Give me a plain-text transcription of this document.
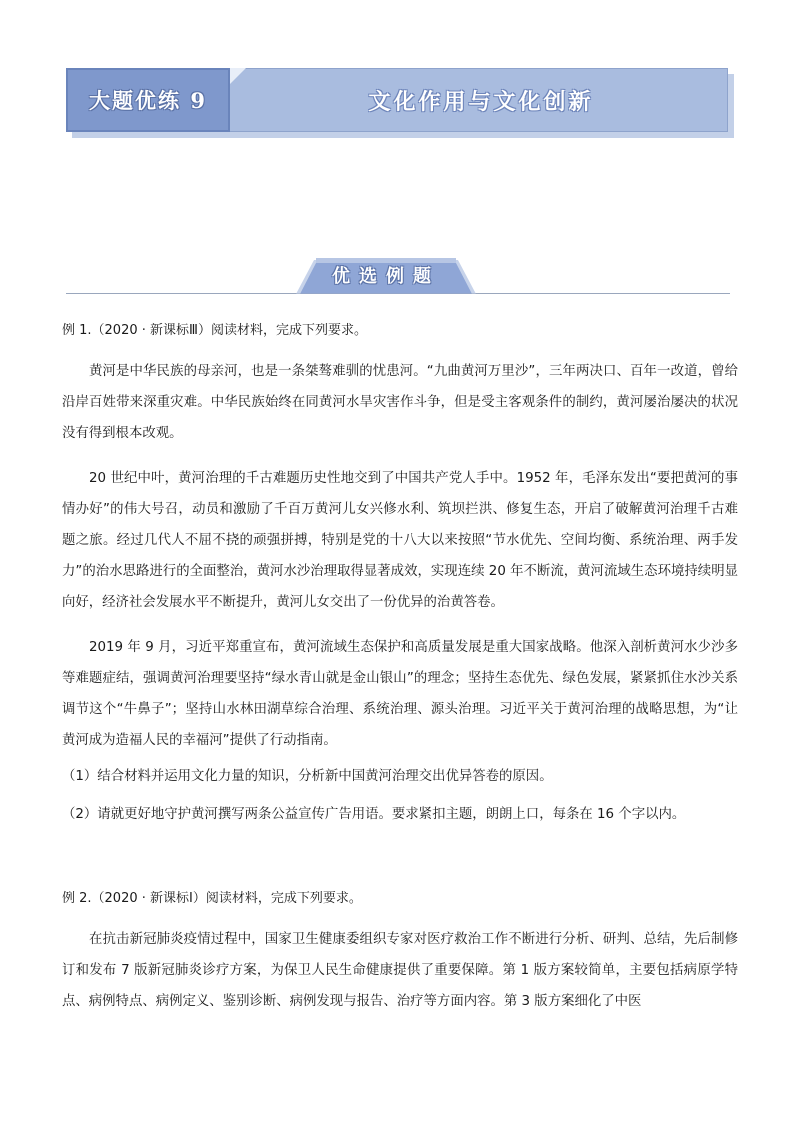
大题优练 9	文化作用与文化创新
优选例题

例 1.（2020 · 新课标Ⅲ）阅读材料，完成下列要求。

黄河是中华民族的母亲河，也是一条桀骜难驯的忧患河。“九曲黄河万里沙”，三年两决口、百年一改道，曾给沿岸百姓带来深重灾难。中华民族始终在同黄河水旱灾害作斗争，但是受主客观条件的制约，黄河屡治屡决的状况没有得到根本改观。

20 世纪中叶，黄河治理的千古难题历史性地交到了中国共产党人手中。1952 年，毛泽东发出“要把黄河的事情办好”的伟大号召，动员和激励了千百万黄河儿女兴修水利、筑坝拦洪、修复生态，开启了破解黄河治理千古难题之旅。经过几代人不屈不挠的顽强拼搏，特别是党的十八大以来按照“节水优先、空间均衡、系统治理、两手发力”的治水思路进行的全面整治，黄河水沙治理取得显著成效，实现连续 20 年不断流，黄河流域生态环境持续明显向好，经济社会发展水平不断提升，黄河儿女交出了一份优异的治黄答卷。

2019 年 9 月，习近平郑重宣布，黄河流域生态保护和高质量发展是重大国家战略。他深入剖析黄河水少沙多等难题症结，强调黄河治理要坚持“绿水青山就是金山银山”的理念；坚持生态优先、绿色发展，紧紧抓住水沙关系调节这个“牛鼻子”；坚持山水林田湖草综合治理、系统治理、源头治理。习近平关于黄河治理的战略思想，为“让黄河成为造福人民的幸福河”提供了行动指南。

（1）结合材料并运用文化力量的知识，分析新中国黄河治理交出优异答卷的原因。

（2）请就更好地守护黄河撰写两条公益宣传广告用语。要求紧扣主题，朗朗上口，每条在 16 个字以内。

例 2.（2020 · 新课标Ⅰ）阅读材料，完成下列要求。

在抗击新冠肺炎疫情过程中，国家卫生健康委组织专家对医疗救治工作不断进行分析、研判、总结，先后制修订和发布 7 版新冠肺炎诊疗方案，为保卫人民生命健康提供了重要保障。第 1 版方案较简单，主要包括病原学特点、病例特点、病例定义、鉴别诊断、病例发现与报告、治疗等方面内容。第 3 版方案细化了中医
